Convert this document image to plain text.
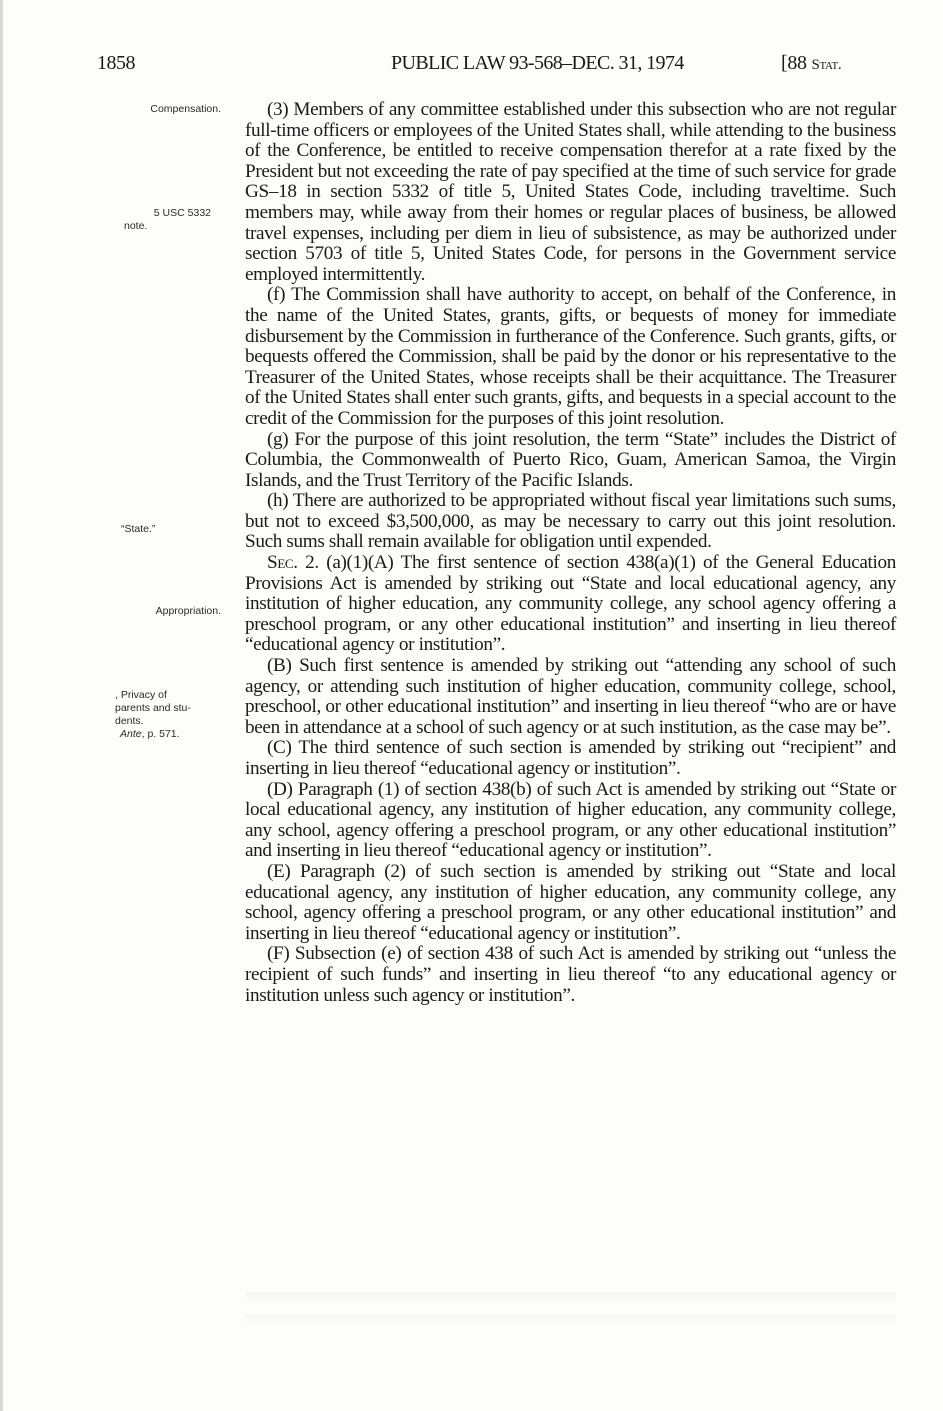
1858	PUBLIC LAW 93-568–DEC. 31, 1974	[88 Stat.
Compensation.
5 USC 5332
note.
“State.”
Appropriation.
, Privacy of
parents and stu-
dents.
Ante, p. 571.

(3) Members of any committee established under this subsection who are not regular full-time officers or employees of the United States shall, while attending to the business of the Conference, be entitled to receive compensation therefor at a rate fixed by the President but not exceeding the rate of pay specified at the time of such service for grade GS–18 in section 5332 of title 5, United States Code, including traveltime. Such members may, while away from their homes or regular places of business, be allowed travel expenses, including per diem in lieu of subsistence, as may be authorized under section 5703 of title 5, United States Code, for persons in the Government service employed intermittently.

(f) The Commission shall have authority to accept, on behalf of the Conference, in the name of the United States, grants, gifts, or bequests of money for immediate disbursement by the Commission in furtherance of the Conference. Such grants, gifts, or bequests offered the Commission, shall be paid by the donor or his representative to the Treasurer of the United States, whose receipts shall be their acquittance. The Treasurer of the United States shall enter such grants, gifts, and bequests in a special account to the credit of the Commission for the purposes of this joint resolution.

(g) For the purpose of this joint resolution, the term “State” includes the District of Columbia, the Commonwealth of Puerto Rico, Guam, American Samoa, the Virgin Islands, and the Trust Territory of the Pacific Islands.

(h) There are authorized to be appropriated without fiscal year limitations such sums, but not to exceed $3,500,000, as may be necessary to carry out this joint resolution. Such sums shall remain available for obligation until expended.

Sec. 2. (a)(1)(A) The first sentence of section 438(a)(1) of the General Education Provisions Act is amended by striking out “State and local educational agency, any institution of higher education, any community college, any school agency offering a preschool program, or any other educational institution” and inserting in lieu thereof “educational agency or institution”.

(B) Such first sentence is amended by striking out “attending any school of such agency, or attending such institution of higher education, community college, school, preschool, or other educational institution” and inserting in lieu thereof “who are or have been in attendance at a school of such agency or at such institution, as the case may be”.

(C) The third sentence of such section is amended by striking out “recipient” and inserting in lieu thereof “educational agency or institution”.

(D) Paragraph (1) of section 438(b) of such Act is amended by striking out “State or local educational agency, any institution of higher education, any community college, any school, agency offering a preschool program, or any other educational institution” and inserting in lieu thereof “educational agency or institution”.

(E) Paragraph (2) of such section is amended by striking out “State and local educational agency, any institution of higher education, any community college, any school, agency offering a preschool program, or any other educational institution” and inserting in lieu thereof “educational agency or institution”.

(F) Subsection (e) of section 438 of such Act is amended by striking out “unless the recipient of such funds” and inserting in lieu thereof “to any educational agency or institution unless such agency or institution”.
